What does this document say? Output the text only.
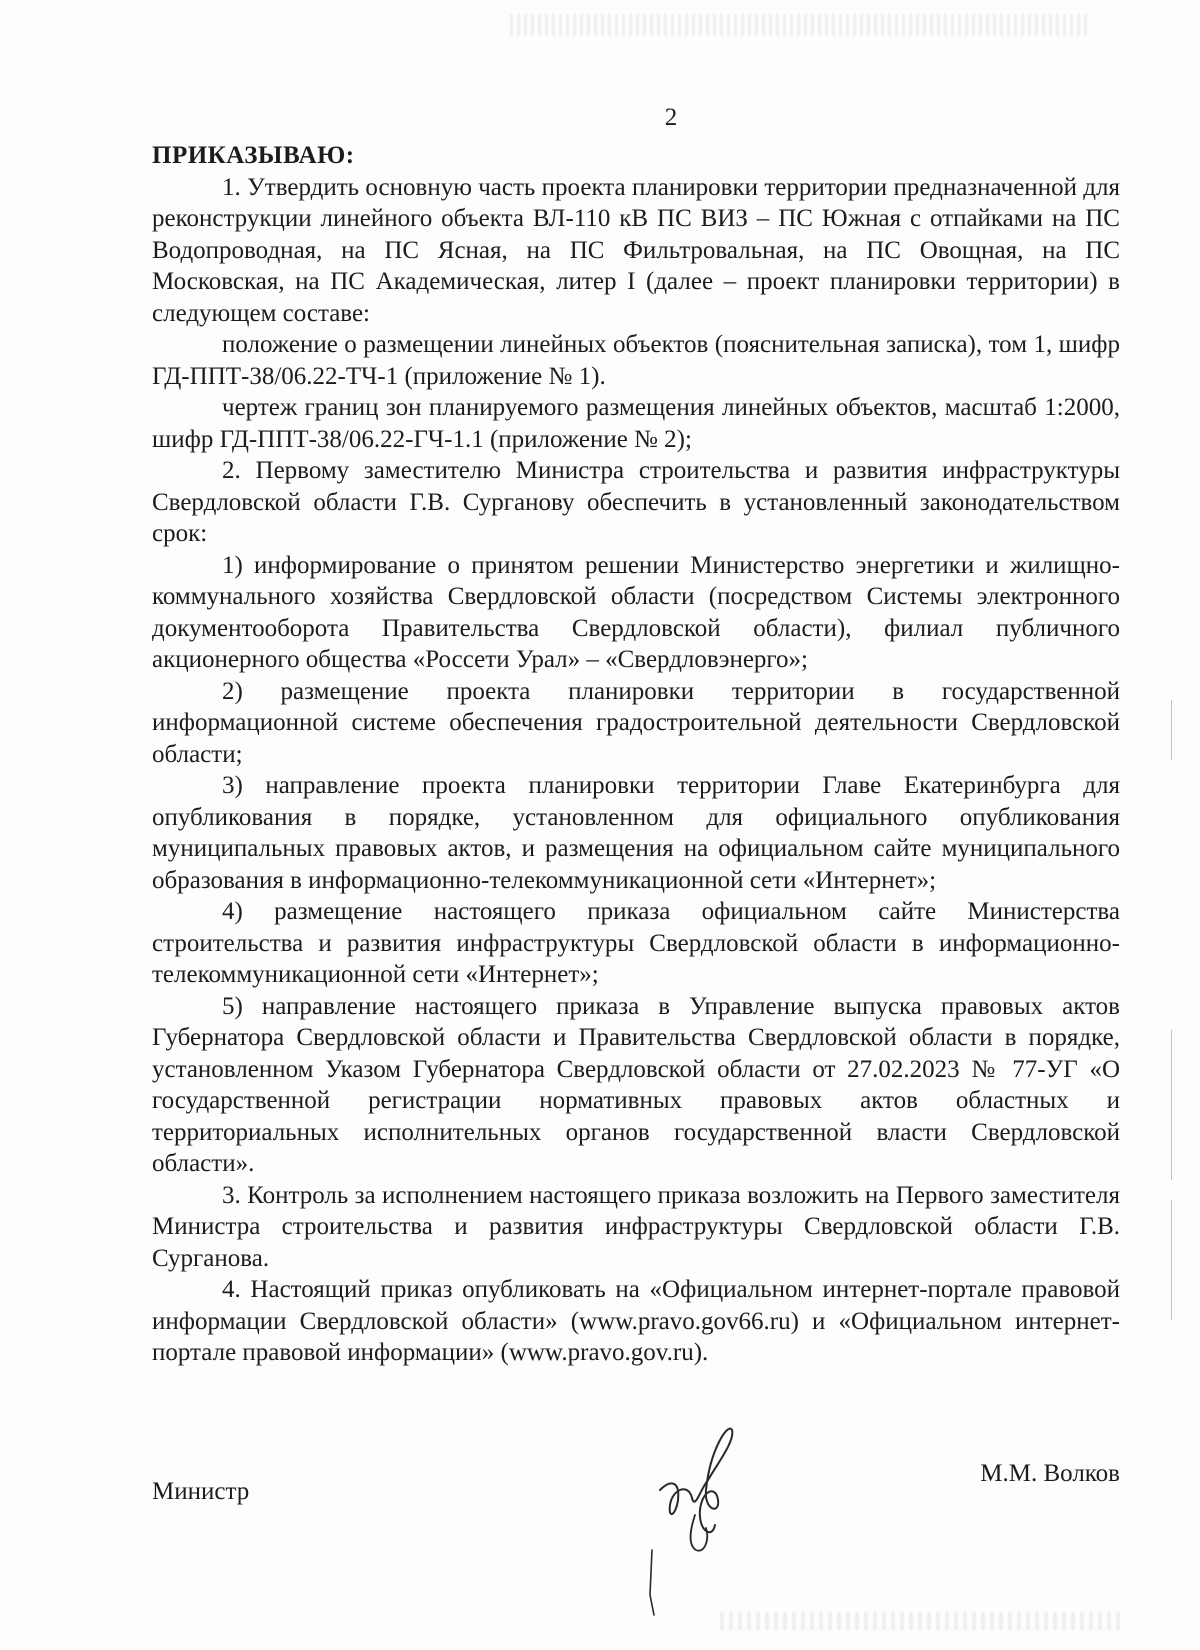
2

ПРИКАЗЫВАЮ:

1. Утвердить основную часть проекта планировки территории предназначенной для реконструкции линейного объекта ВЛ-110 кВ ПС ВИЗ – ПС Южная с отпайками на ПС Водопроводная, на ПС Ясная, на ПС Фильтровальная, на ПС Овощная, на ПС Московская, на ПС Академическая, литер I (далее – проект планировки территории) в следующем составе:

положение о размещении линейных объектов (пояснительная записка), том 1, шифр ГД-ППТ-38/06.22-ТЧ-1 (приложение № 1).

чертеж границ зон планируемого размещения линейных объектов, масштаб 1:2000, шифр ГД-ППТ-38/06.22-ГЧ-1.1 (приложение № 2);

2. Первому заместителю Министра строительства и развития инфраструктуры Свердловской области Г.В. Сурганову обеспечить в установленный законодательством срок:

1) информирование о принятом решении Министерство энергетики и жилищно-коммунального хозяйства Свердловской области (посредством Системы электронного документооборота Правительства Свердловской области), филиал публичного акционерного общества «Россети Урал» – «Свердловэнерго»;

2) размещение проекта планировки территории в государственной информационной системе обеспечения градостроительной деятельности Свердловской области;

3) направление проекта планировки территории Главе Екатеринбурга для опубликования в порядке, установленном для официального опубликования муниципальных правовых актов, и размещения на официальном сайте муниципального образования в информационно-телекоммуникационной сети «Интернет»;

4) размещение настоящего приказа официальном сайте Министерства строительства и развития инфраструктуры Свердловской области в информационно-телекоммуникационной сети «Интернет»;

5) направление настоящего приказа в Управление выпуска правовых актов Губернатора Свердловской области и Правительства Свердловской области в порядке, установленном Указом Губернатора Свердловской области от 27.02.2023 № 77-УГ «О государственной регистрации нормативных правовых актов областных и территориальных исполнительных органов государственной власти Свердловской области».

3. Контроль за исполнением настоящего приказа возложить на Первого заместителя Министра строительства и развития инфраструктуры Свердловской области Г.В. Сурганова.

4. Настоящий приказ опубликовать на «Официальном интернет-портале правовой информации Свердловской области» (www.pravo.gov66.ru) и «Официальном интернет-портале правовой информации» (www.pravo.gov.ru).

Министр
М.М. Волков
